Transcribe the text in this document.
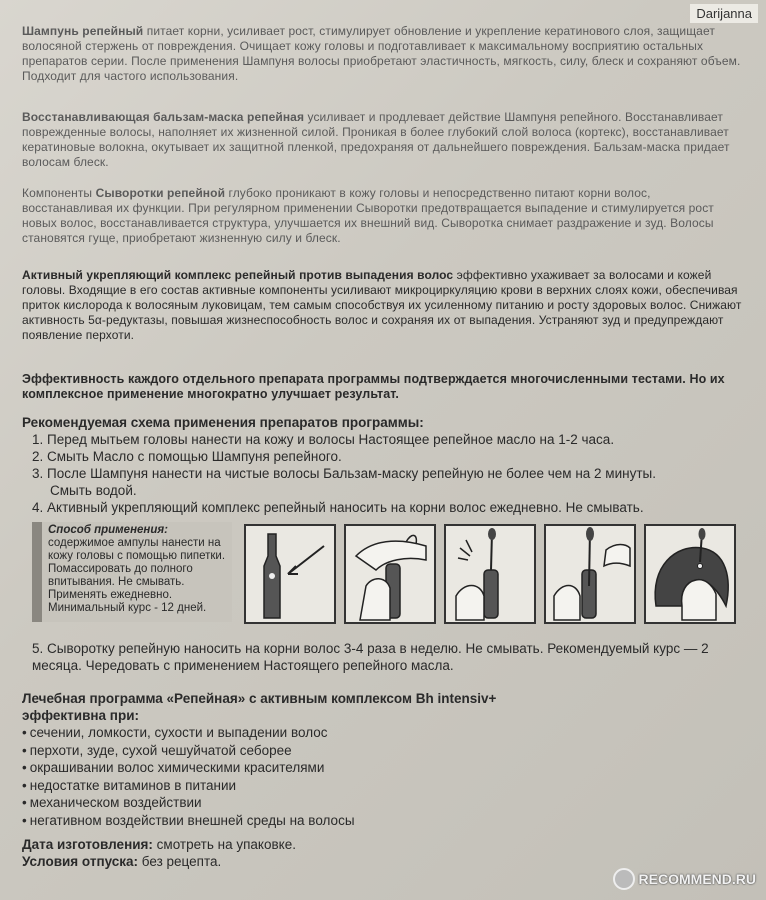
Darijanna

Шампунь репейный питает корни, усиливает рост, стимулирует обновление и укрепление кератинового слоя, защищает волосяной стержень от повреждения. Очищает кожу головы и подготавливает к максимальному восприятию остальных препаратов серии. После применения Шампуня волосы приобретают эластичность, мягкость, силу, блеск и сохраняют объем. Подходит для частого использования.

Восстанавливающая бальзам-маска репейная усиливает и продлевает действие Шампуня репейного. Восстанавливает поврежденные волосы, наполняет их жизненной силой. Проникая в более глубокий слой волоса (кортекс), восстанавливает кератиновые волокна, окутывает их защитной пленкой, предохраняя от дальнейшего повреждения. Бальзам-маска придает волосам блеск.

Компоненты Сыворотки репейной глубоко проникают в кожу головы и непосредственно питают корни волос, восстанавливая их функции. При регулярном применении Сыворотки предотвращается выпадение и стимулируется рост новых волос, восстанавливается структура, улучшается их внешний вид. Сыворотка снимает раздражение и зуд. Волосы становятся гуще, приобретают жизненную силу и блеск.

Активный укрепляющий комплекс репейный против выпадения волос эффективно ухаживает за волосами и кожей головы. Входящие в его состав активные компоненты усиливают микроциркуляцию крови в верхних слоях кожи, обеспечивая приток кислорода к волосяным луковицам, тем самым способствуя их усиленному питанию и росту здоровых волос. Снижают активность 5α-редуктазы, повышая жизнеспособность волос и сохраняя их от выпадения. Устраняют зуд и предупреждают появление перхоти.

Эффективность каждого отдельного препарата программы подтверждается многочисленными тестами. Но их комплексное применение многократно улучшает результат.

Рекомендуемая схема применения препаратов программы:

1. Перед мытьем головы нанести на кожу и волосы Настоящее репейное масло на 1-2 часа.
2. Смыть Масло с помощью Шампуня репейного.
3. После Шампуня нанести на чистые волосы Бальзам-маску репейную не более чем на 2 минуты.
Смыть водой.
4. Активный укрепляющий комплекс репейный наносить на корни волос ежедневно. Не смывать.
Способ применения:
содержимое ампулы нанести на
кожу головы с помощью пипетки.
Помассировать до полного
впитывания. Не смывать.
Применять ежедневно.
Минимальный курс - 12 дней.

5. Сыворотку репейную наносить на корни волос 3-4 раза в неделю. Не смывать. Рекомендуемый курс — 2 месяца. Чередовать с применением Настоящего репейного масла.

Лечебная программа «Репейная» с активным комплексом Bh intensiv+

эффективна при:

• сечении, ломкости, сухости и выпадении волос
• перхоти, зуде, сухой чешуйчатой себорее
• окрашивании волос химическими красителями
• недостатке витаминов в питании
• механическом воздействии
• негативном воздействии внешней среды на волосы

Дата изготовления: смотреть на упаковке.

Условия отпуска: без рецепта.

RECOMMEND.RU
